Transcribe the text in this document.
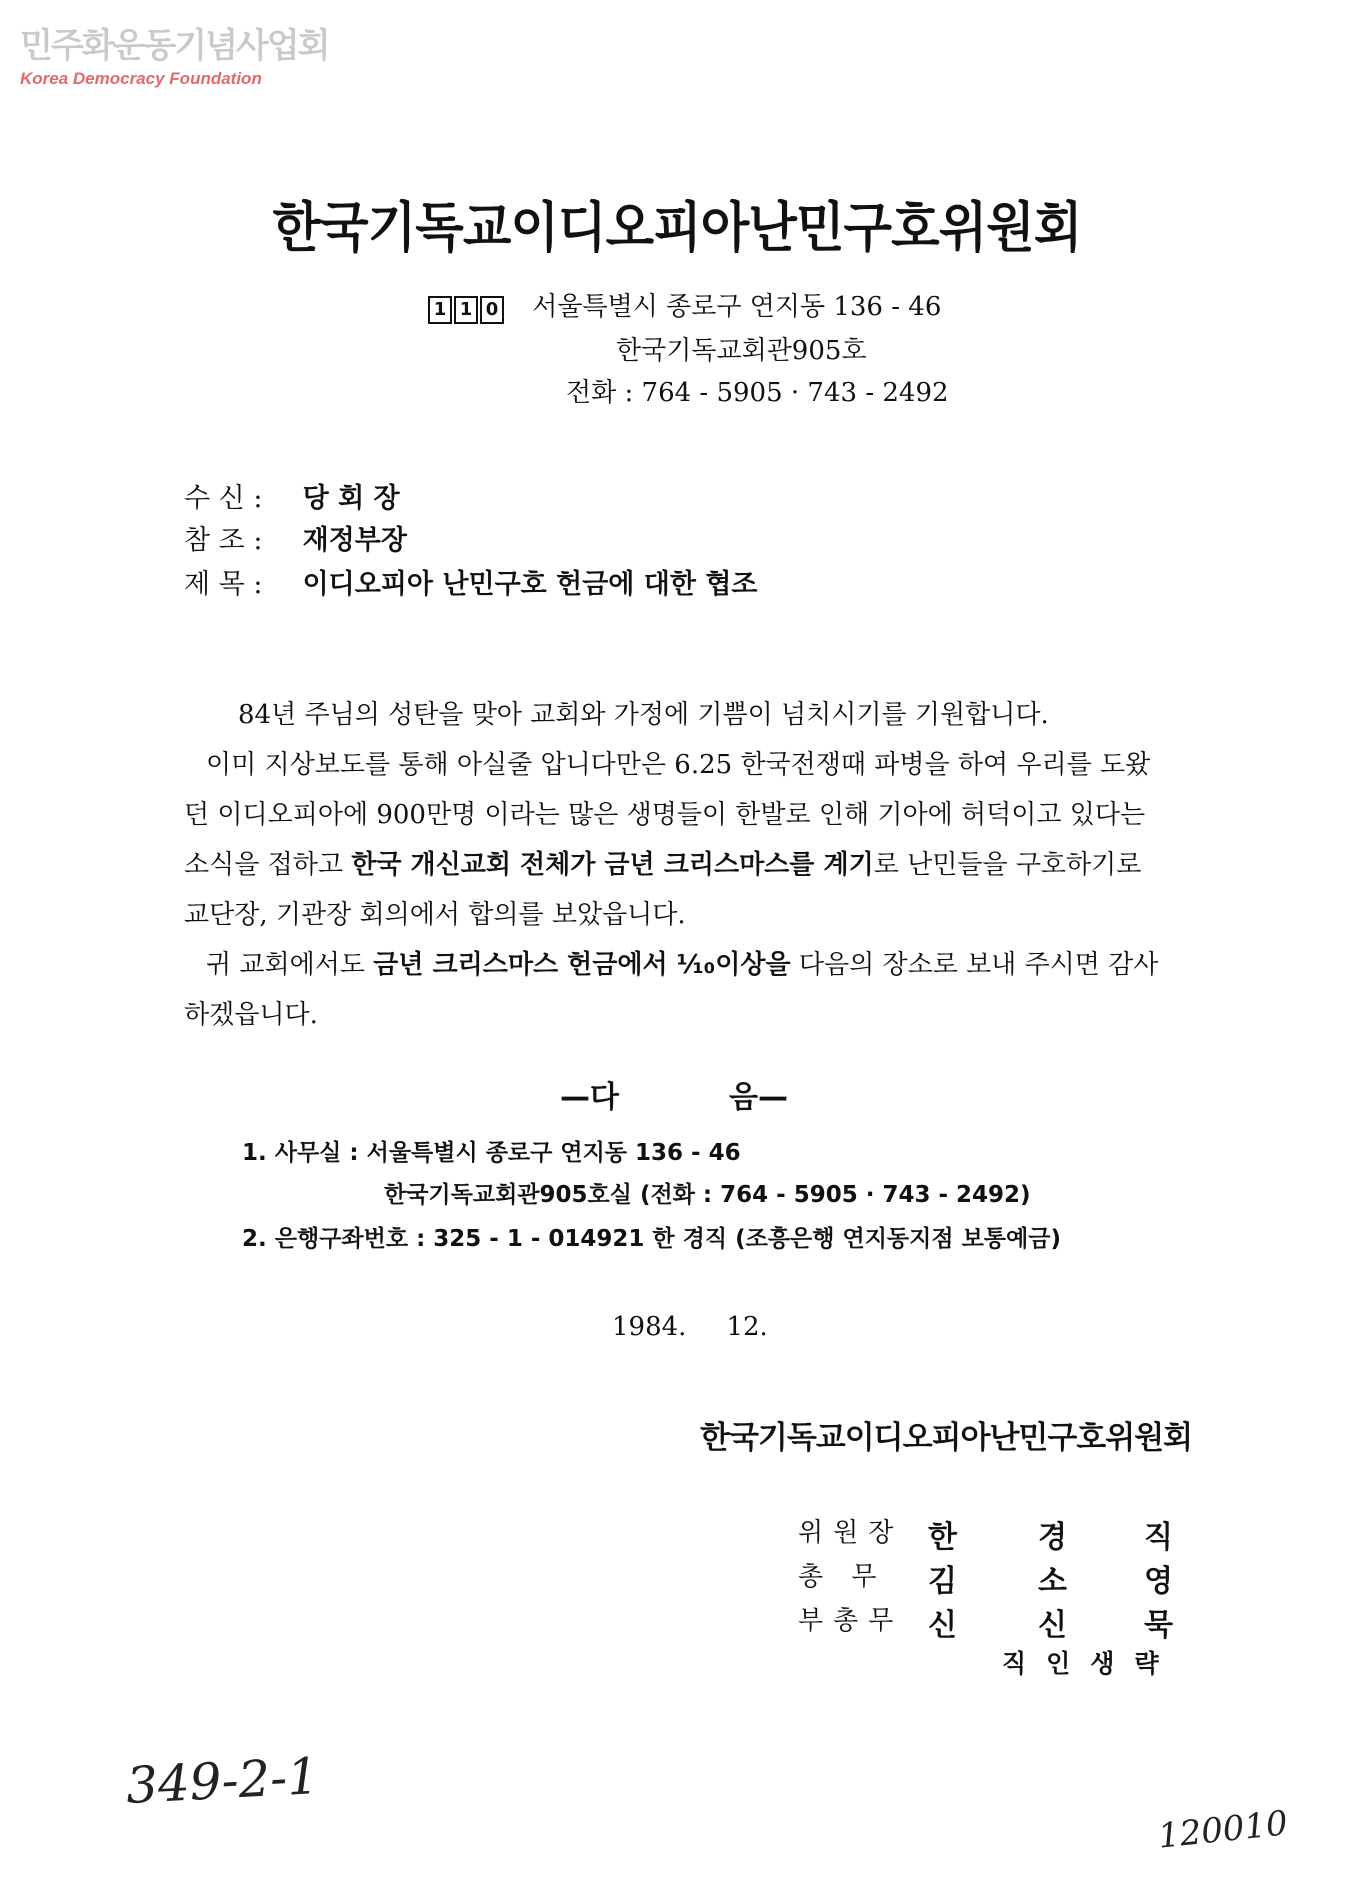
민주화운동기념사업회
Korea Democracy Foundation
한국기독교이디오피아난민구호위원회
1 1 0 서울특별시 종로구 연지동 136 - 46
한국기독교회관905호
전화 : 764 - 5905 · 743 - 2492
수 신 : 당 회 장
참 조 : 재정부장
제 목 : 이디오피아 난민구호 헌금에 대한 협조
84년 주님의 성탄을 맞아 교회와 가정에 기쁨이 넘치시기를 기원합니다.
이미 지상보도를 통해 아실줄 압니다만은 6.25 한국전쟁때 파병을 하여 우리를 도왔
던 이디오피아에 900만명 이라는 많은 생명들이 한발로 인해 기아에 허덕이고 있다는
소식을 접하고 한국 개신교회 전체가 금년 크리스마스를 계기로 난민들을 구호하기로
교단장, 기관장 회의에서 합의를 보았읍니다.
귀 교회에서도 금년 크리스마스 헌금에서 ⅒이상을 다음의 장소로 보내 주시면 감사
하겠읍니다.
—다	음—
1. 사무실 : 서울특별시 종로구 연지동 136 - 46
한국기독교회관905호실 (전화 : 764 - 5905 · 743 - 2492)
2. 은행구좌번호 : 325 - 1 - 014921 한 경직 (조흥은행 연지동지점 보통예금)
1984. 12.
한국기독교이디오피아난민구호위원회
위원장 한	경	직
총 무 김	소	영
부총무 신	신	묵
직인생략
349-2-1
120010
